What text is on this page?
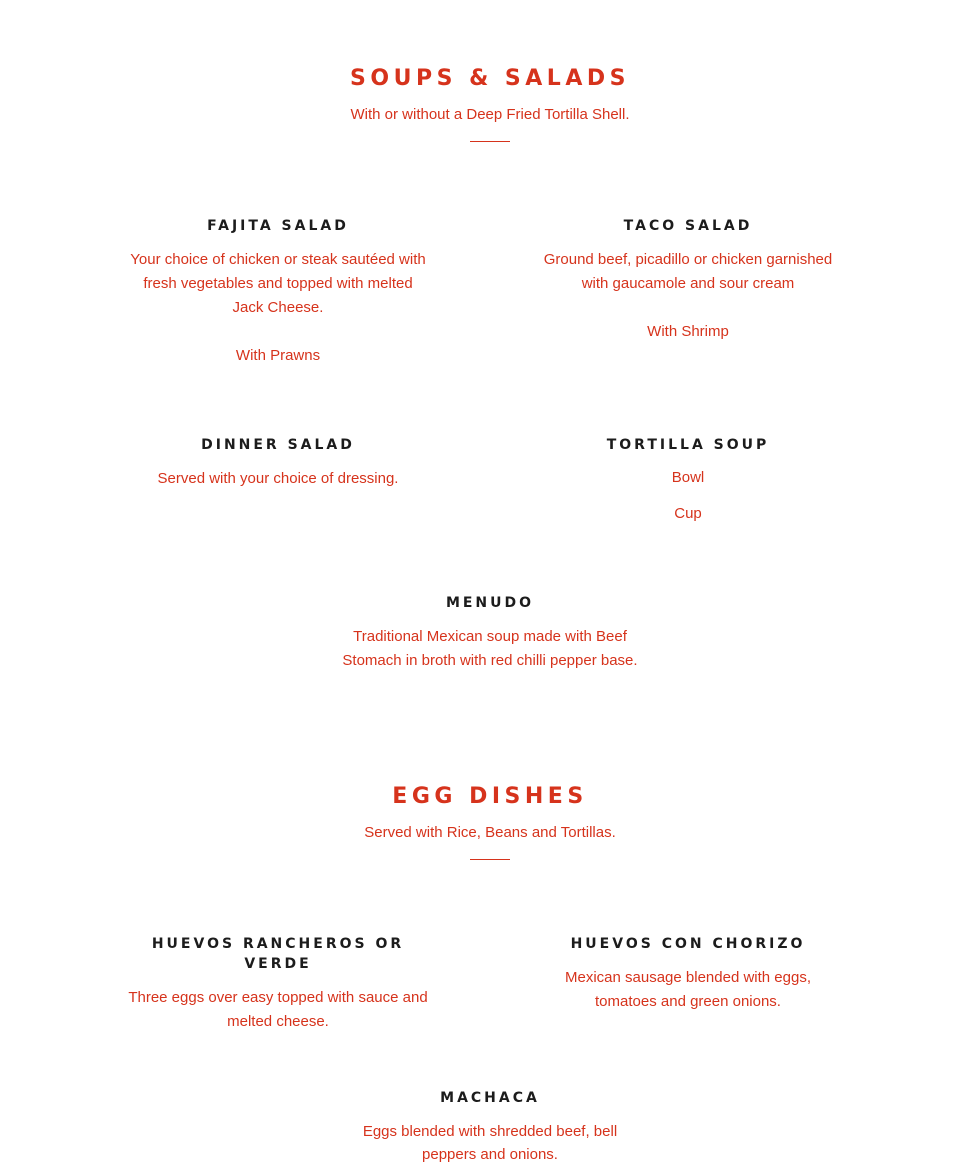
SOUPS & SALADS

With or without a Deep Fried Tortilla Shell.

FAJITA SALAD

Your choice of chicken or steak sautéed with fresh vegetables and topped with melted Jack Cheese.

With Prawns

TACO SALAD

Ground beef, picadillo or chicken garnished with gaucamole and sour cream

With Shrimp

DINNER SALAD

Served with your choice of dressing.

TORTILLA SOUP

Bowl

Cup

MENUDO

Traditional Mexican soup made with Beef Stomach in broth with red chilli pepper base.

EGG DISHES

Served with Rice, Beans and Tortillas.

HUEVOS RANCHEROS OR VERDE

Three eggs over easy topped with sauce and melted cheese.

HUEVOS CON CHORIZO

Mexican sausage blended with eggs, tomatoes and green onions.

MACHACA

Eggs blended with shredded beef, bell peppers and onions.
